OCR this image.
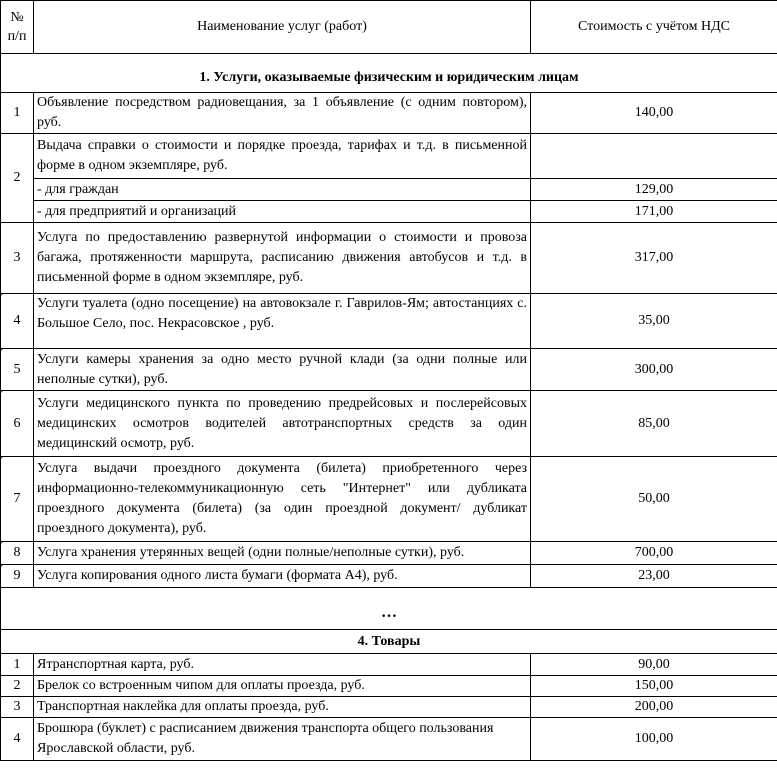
№ п/п	Наименование услуг (работ)	Стоимость с учётом НДС

1. Услуги, оказываемые физическим и юридическим лицам		
1	Объявление посредством радиовещания, за 1 объявление (с одним повтором), руб.	140,00
2	Выдача справки о стоимости и порядке проезда, тарифах и т.д. в письменной форме в одном экземпляре, руб.	
	- для граждан	129,00
	- для предприятий и организаций	171,00
3	Услуга по предоставлению развернутой информации о стоимости и провоза багажа, протяженности маршрута, расписанию движения автобусов и т.д. в письменной форме в одном экземпляре, руб.	317,00
4	Услуги туалета (одно посещение) на автовокзале г. Гаврилов-Ям; автостанциях с. Большое Село, пос. Некрасовское , руб.	35,00
5	Услуги камеры хранения за одно место ручной клади (за одни полные или неполные сутки), руб.	300,00
6	Услуги медицинского пункта по проведению предрейсовых и послерейсовых медицинских осмотров водителей автотранспортных средств за один медицинский осмотр, руб.	85,00
7	Услуга выдачи проездного документа (билета) приобретенного через информационно-телекоммуникационную сеть "Интернет" или дубликата проездного документа (билета) (за один проездной документ/ дубликат проездного документа), руб.	50,00
8	Услуга хранения утерянных вещей (одни полные/неполные сутки), руб.	700,00
9	Услуга копирования одного листа бумаги (формата А4), руб.	23,00

…		
4. Товары		
1	Ятранспортная карта, руб.	90,00
2	Брелок со встроенным чипом для оплаты проезда, руб.	150,00
3	Транспортная наклейка для оплаты проезда, руб.	200,00
4	Брошюра (буклет) с расписанием движения транспорта общего пользования Ярославской области, руб.	100,00
